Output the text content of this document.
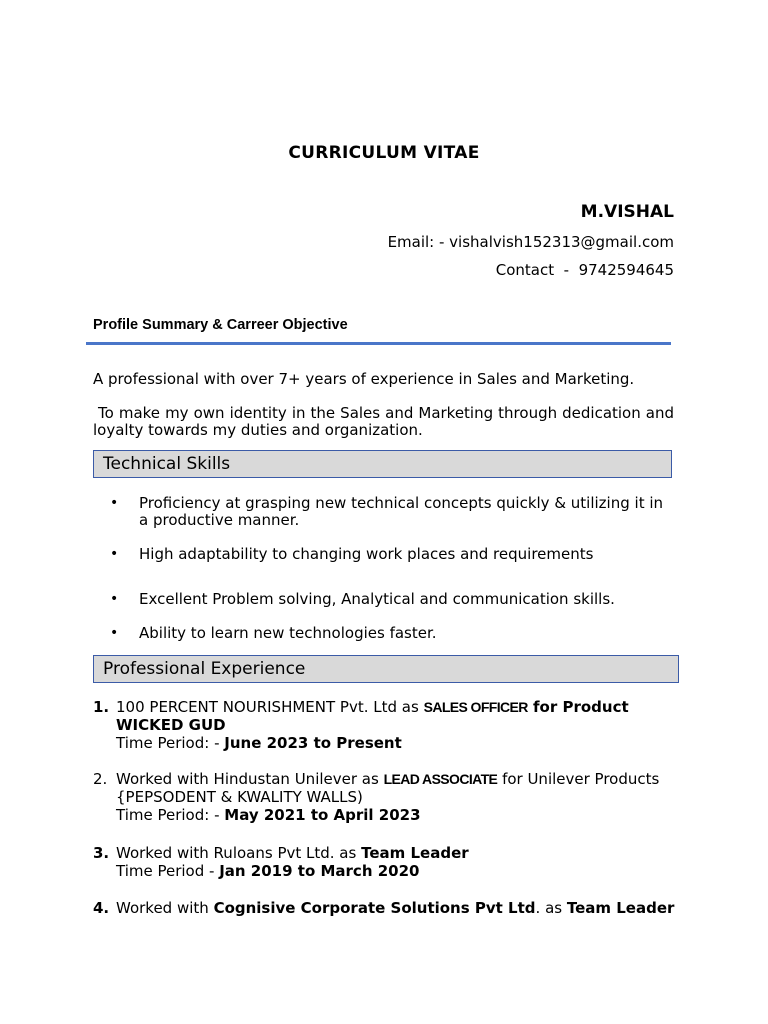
CURRICULUM VITAE
M.VISHAL
Email: - vishalvish152313@gmail.com
Contact  -  9742594645
Profile Summary & Carreer Objective
A professional with over 7+ years of experience in Sales and Marketing.
To make my own identity in the Sales and Marketing through dedication and loyalty towards my duties and organization.
Technical Skills
• Proficiency at grasping new technical concepts quickly & utilizing it in a productive manner.
• High adaptability to changing work places and requirements
• Excellent Problem solving, Analytical and communication skills.
• Ability to learn new technologies faster.
Professional Experience
1. 100 PERCENT NOURISHMENT Pvt. Ltd as SALES OFFICER for Product WICKED GUD
Time Period: - June 2023 to Present
2. Worked with Hindustan Unilever as LEAD ASSOCIATE for Unilever Products {PEPSODENT & KWALITY WALLS)
Time Period: - May 2021 to April 2023
3. Worked with Ruloans Pvt Ltd. as Team Leader
Time Period - Jan 2019 to March 2020
4. Worked with Cognisive Corporate Solutions Pvt Ltd. as Team Leader
